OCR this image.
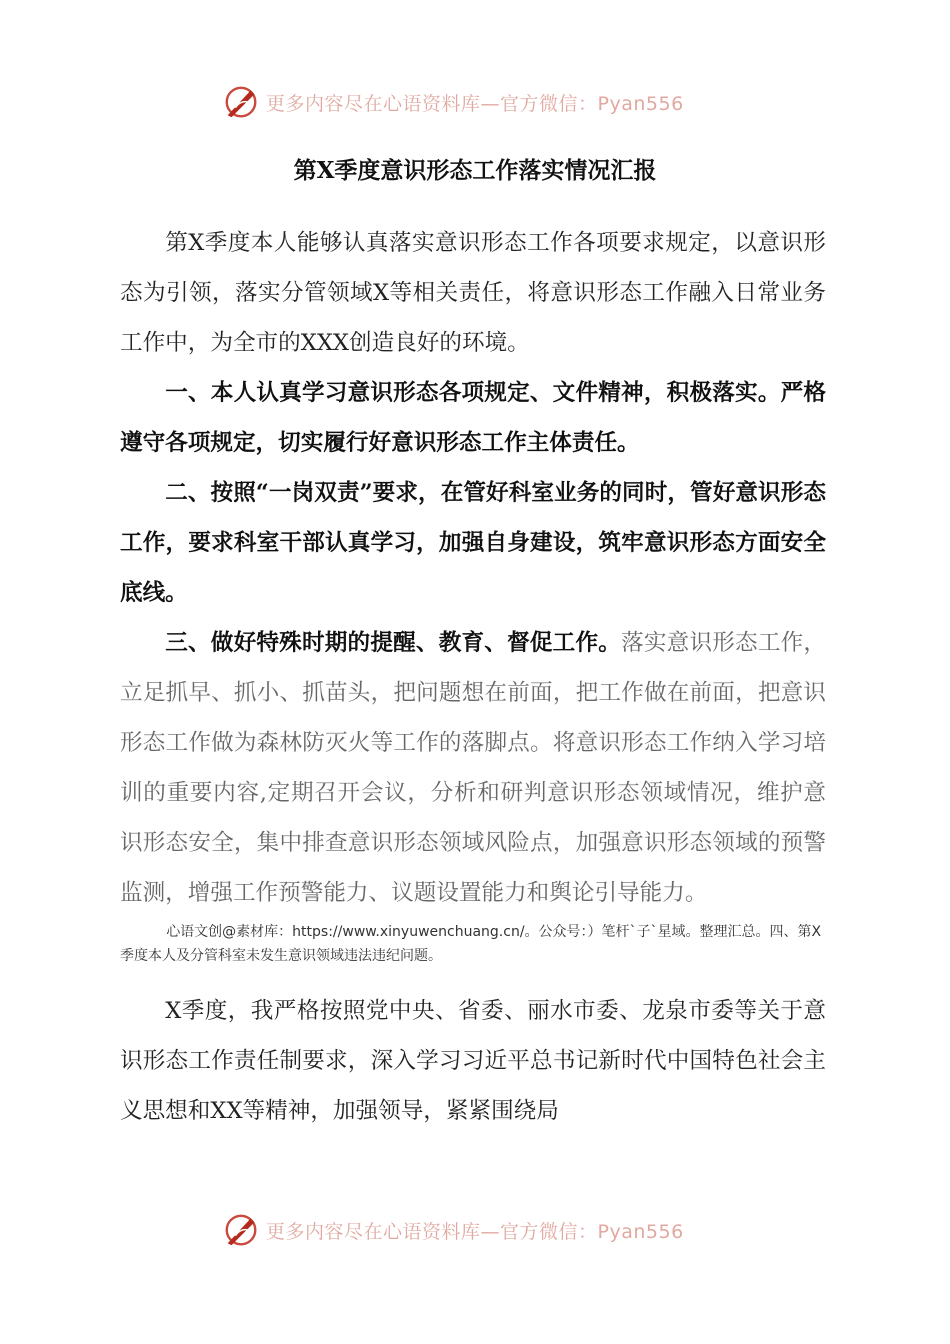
更多内容尽在心语资料库—官方微信：Pyan556
第X季度意识形态工作落实情况汇报

第X季度本人能够认真落实意识形态工作各项要求规定，以意识形态为引领，落实分管领域X等相关责任，将意识形态工作融入日常业务工作中，为全市的XXX创造良好的环境。

一、本人认真学习意识形态各项规定、文件精神，积极落实。严格遵守各项规定，切实履行好意识形态工作主体责任。

二、按照“一岗双责”要求，在管好科室业务的同时，管好意识形态工作，要求科室干部认真学习，加强自身建设，筑牢意识形态方面安全底线。

三、做好特殊时期的提醒、教育、督促工作。落实意识形态工作，立足抓早、抓小、抓苗头，把问题想在前面，把工作做在前面，把意识形态工作做为森林防灭火等工作的落脚点。将意识形态工作纳入学习培训的重要内容,定期召开会议，分析和研判意识形态领域情况，维护意识形态安全，集中排查意识形态领域风险点，加强意识形态领域的预警监测，增强工作预警能力、议题设置能力和舆论引导能力。

心语文创@素材库：https://www.xinyuwenchuang.cn/。公众号：）笔杆`子`星域。整理汇总。四、第X季度本人及分管科室未发生意识领域违法违纪问题。

X季度，我严格按照党中央、省委、丽水市委、龙泉市委等关于意识形态工作责任制要求，深入学习习近平总书记新时代中国特色社会主义思想和XX等精神，加强领导，紧紧围绕局

更多内容尽在心语资料库—官方微信：Pyan556
